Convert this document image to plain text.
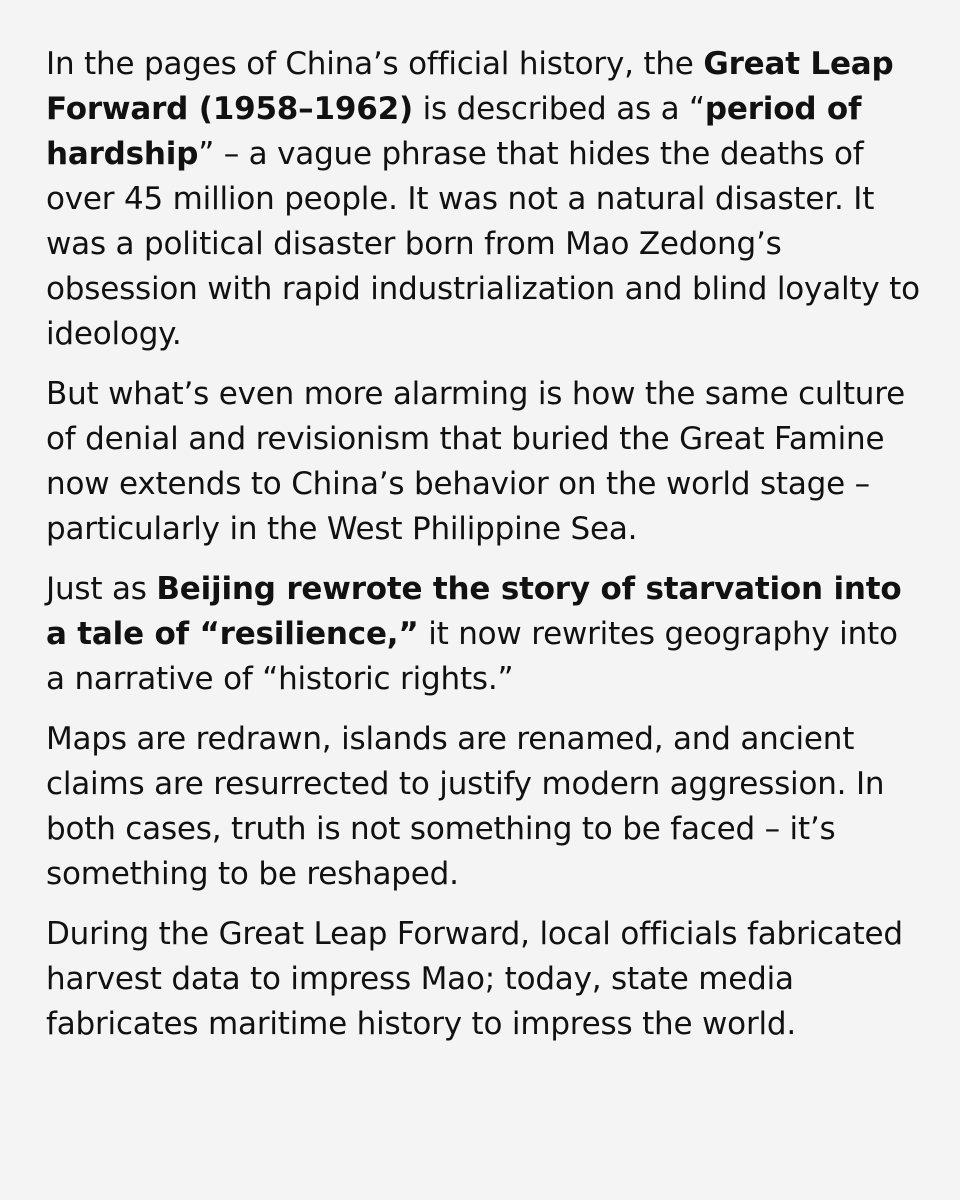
In the pages of China’s official history, the Great Leap Forward (1958–1962) is described as a “period of hardship” – a vague phrase that hides the deaths of over 45 million people. It was not a natural disaster. It was a political disaster born from Mao Zedong’s obsession with rapid industrialization and blind loyalty to ideology.

But what’s even more alarming is how the same culture of denial and revisionism that buried the Great Famine now extends to China’s behavior on the world stage – particularly in the West Philippine Sea.

Just as Beijing rewrote the story of starvation into a tale of “resilience,” it now rewrites geography into a narrative of “historic rights.”

Maps are redrawn, islands are renamed, and ancient claims are resurrected to justify modern aggression. In both cases, truth is not something to be faced – it’s something to be reshaped.

During the Great Leap Forward, local officials fabricated harvest data to impress Mao; today, state media fabricates maritime history to impress the world.
